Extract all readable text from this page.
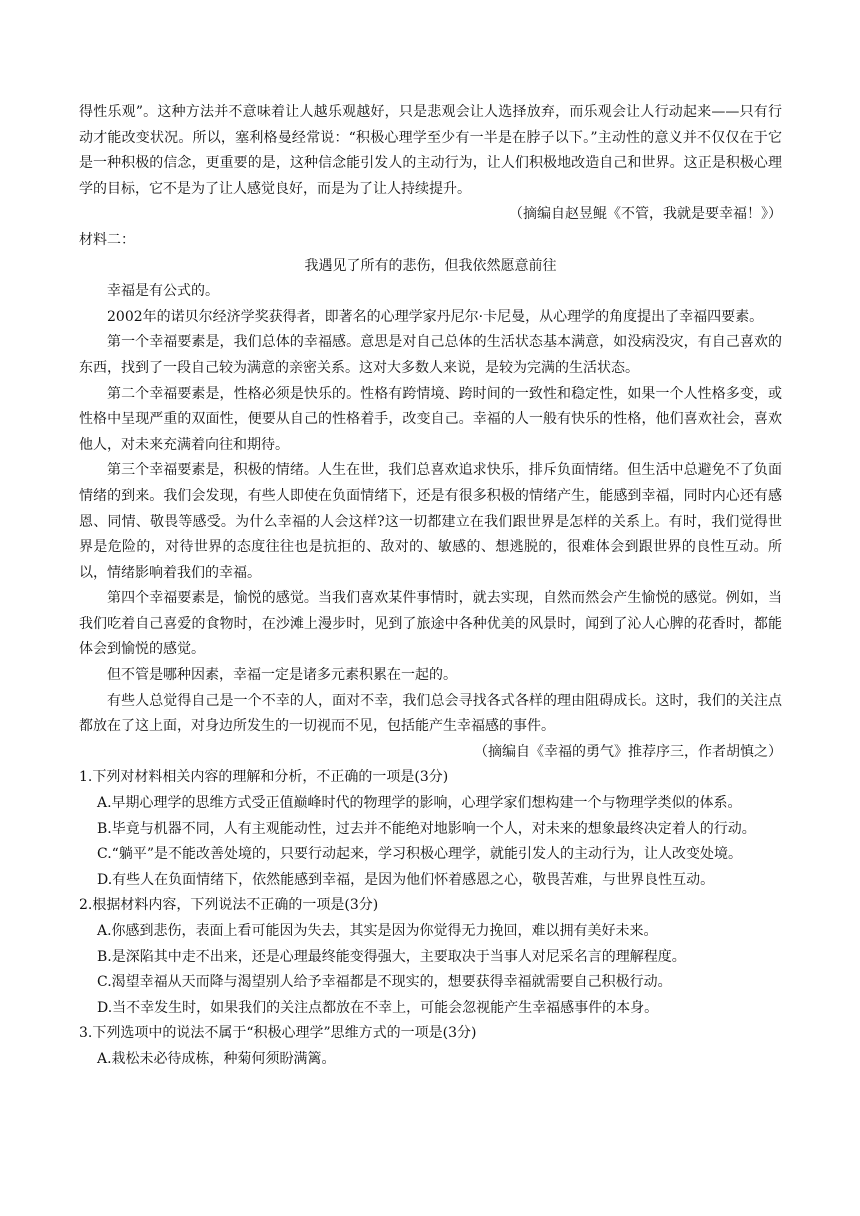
得性乐观”。这种方法并不意味着让人越乐观越好，只是悲观会让人选择放弃，而乐观会让人行动起来——只有行动才能改变状况。所以，塞利格曼经常说：“积极心理学至少有一半是在脖子以下。”主动性的意义并不仅仅在于它是一种积极的信念，更重要的是，这种信念能引发人的主动行为，让人们积极地改造自己和世界。这正是积极心理学的目标，它不是为了让人感觉良好，而是为了让人持续提升。

（摘编自赵昱鲲《不管，我就是要幸福！》）

材料二：

我遇见了所有的悲伤，但我依然愿意前往

幸福是有公式的。

2002年的诺贝尔经济学奖获得者，即著名的心理学家丹尼尔·卡尼曼，从心理学的角度提出了幸福四要素。

第一个幸福要素是，我们总体的幸福感。意思是对自己总体的生活状态基本满意，如没病没灾，有自己喜欢的东西，找到了一段自己较为满意的亲密关系。这对大多数人来说，是较为完满的生活状态。

第二个幸福要素是，性格必须是快乐的。性格有跨情境、跨时间的一致性和稳定性，如果一个人性格多变，或性格中呈现严重的双面性，便要从自己的性格着手，改变自己。幸福的人一般有快乐的性格，他们喜欢社会，喜欢他人，对未来充满着向往和期待。

第三个幸福要素是，积极的情绪。人生在世，我们总喜欢追求快乐，排斥负面情绪。但生活中总避免不了负面情绪的到来。我们会发现，有些人即使在负面情绪下，还是有很多积极的情绪产生，能感到幸福，同时内心还有感恩、同情、敬畏等感受。为什么幸福的人会这样?这一切都建立在我们跟世界是怎样的关系上。有时，我们觉得世界是危险的，对待世界的态度往往也是抗拒的、敌对的、敏感的、想逃脱的，很难体会到跟世界的良性互动。所以，情绪影响着我们的幸福。

第四个幸福要素是，愉悦的感觉。当我们喜欢某件事情时，就去实现，自然而然会产生愉悦的感觉。例如，当我们吃着自己喜爱的食物时，在沙滩上漫步时，见到了旅途中各种优美的风景时，闻到了沁人心脾的花香时，都能体会到愉悦的感觉。

但不管是哪种因素，幸福一定是诸多元素积累在一起的。

有些人总觉得自己是一个不幸的人，面对不幸，我们总会寻找各式各样的理由阻碍成长。这时，我们的关注点都放在了这上面，对身边所发生的一切视而不见，包括能产生幸福感的事件。

（摘编自《幸福的勇气》推荐序三，作者胡慎之）

1.下列对材料相关内容的理解和分析，不正确的一项是(3分)

A.早期心理学的思维方式受正值巅峰时代的物理学的影响，心理学家们想构建一个与物理学类似的体系。

B.毕竟与机器不同，人有主观能动性，过去并不能绝对地影响一个人，对未来的想象最终决定着人的行动。

C.“躺平”是不能改善处境的，只要行动起来，学习积极心理学，就能引发人的主动行为，让人改变处境。

D.有些人在负面情绪下，依然能感到幸福，是因为他们怀着感恩之心，敬畏苦难，与世界良性互动。

2.根据材料内容，下列说法不正确的一项是(3分)

A.你感到悲伤，表面上看可能因为失去，其实是因为你觉得无力挽回，难以拥有美好未来。

B.是深陷其中走不出来，还是心理最终能变得强大，主要取决于当事人对尼采名言的理解程度。

C.渴望幸福从天而降与渴望别人给予幸福都是不现实的，想要获得幸福就需要自己积极行动。

D.当不幸发生时，如果我们的关注点都放在不幸上，可能会忽视能产生幸福感事件的本身。

3.下列选项中的说法不属于“积极心理学”思维方式的一项是(3分)

A.栽松未必待成栋，种菊何须盼满篱。
